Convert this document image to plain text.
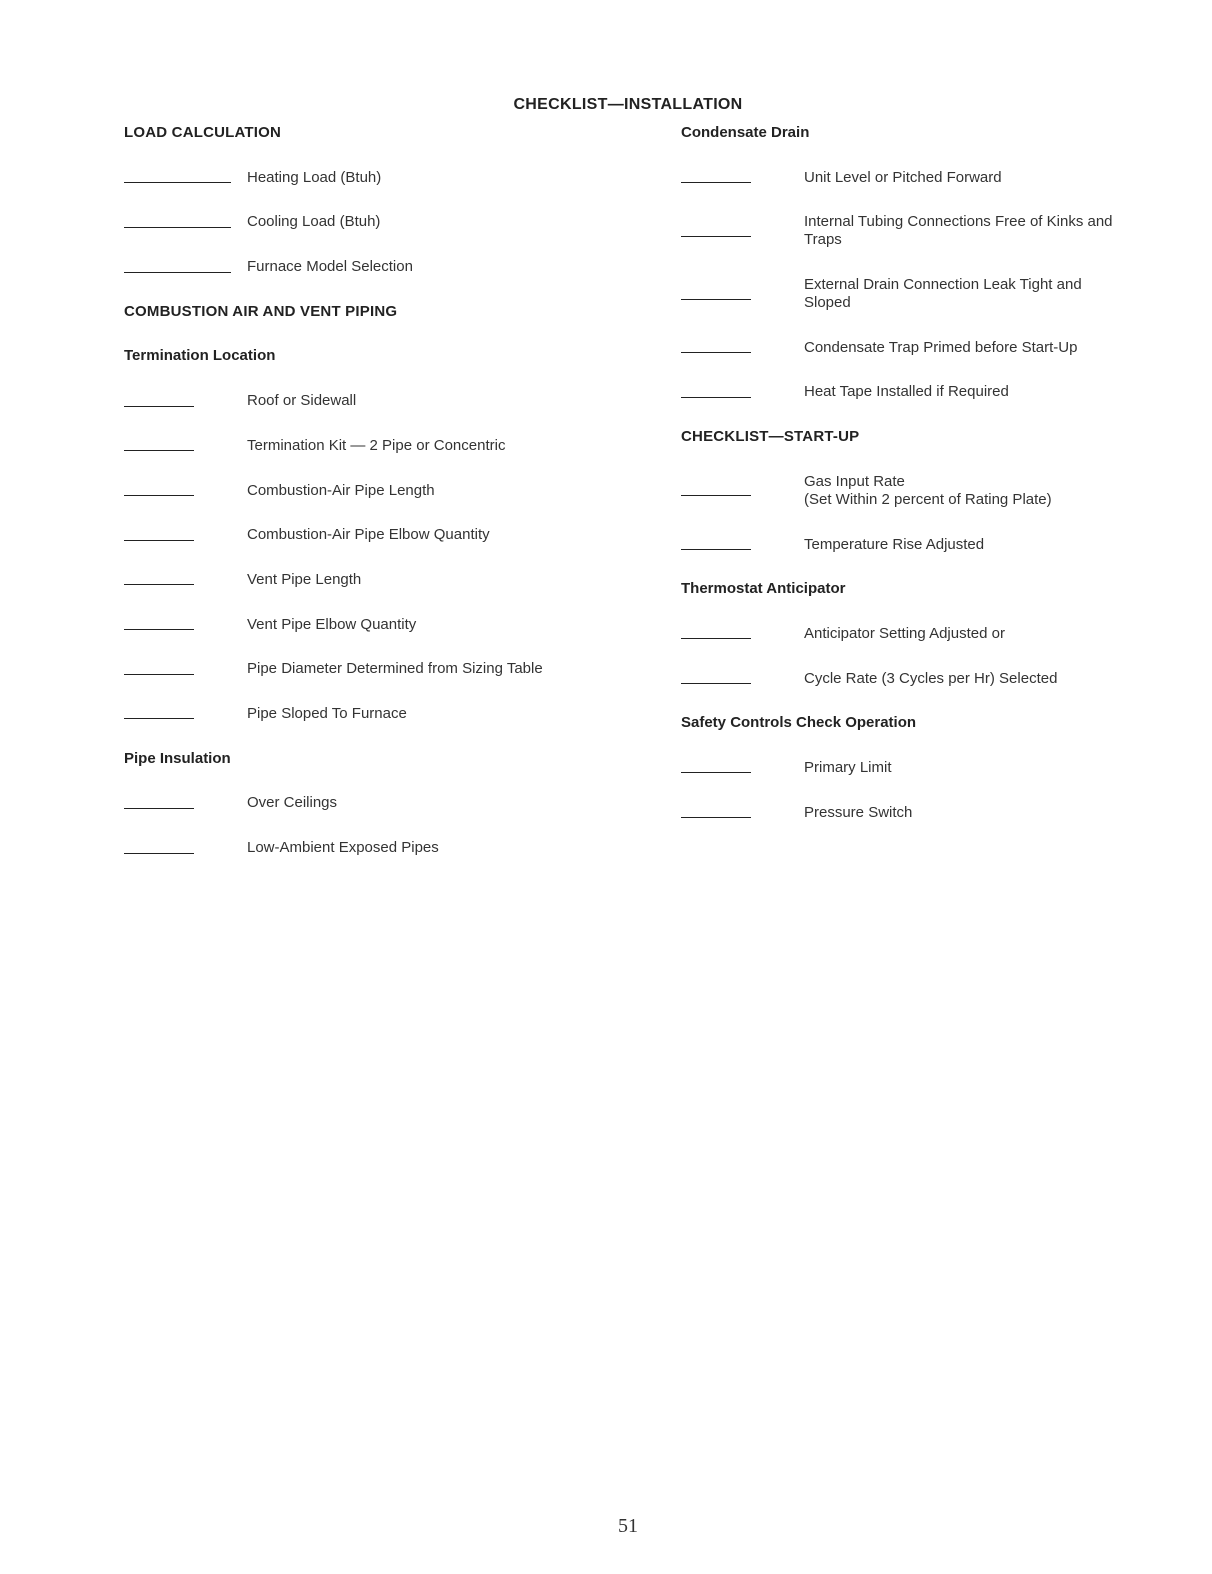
CHECKLIST—INSTALLATION
LOAD CALCULATION
Heating Load (Btuh)
Cooling Load (Btuh)
Furnace Model Selection
COMBUSTION AIR AND VENT PIPING
Termination Location
Roof or Sidewall
Termination Kit — 2 Pipe or Concentric
Combustion-Air Pipe Length
Combustion-Air Pipe Elbow Quantity
Vent Pipe Length
Vent Pipe Elbow Quantity
Pipe Diameter Determined from Sizing Table
Pipe Sloped To Furnace
Pipe Insulation
Over Ceilings
Low-Ambient Exposed Pipes
Condensate Drain
Unit Level or Pitched Forward
Internal Tubing Connections Free of Kinks and Traps
External Drain Connection Leak Tight and Sloped
Condensate Trap Primed before Start-Up
Heat Tape Installed if Required
CHECKLIST—START-UP
Gas Input Rate
(Set Within 2 percent of Rating Plate)
Temperature Rise Adjusted
Thermostat Anticipator
Anticipator Setting Adjusted or
Cycle Rate (3 Cycles per Hr) Selected
Safety Controls Check Operation
Primary Limit
Pressure Switch
51
